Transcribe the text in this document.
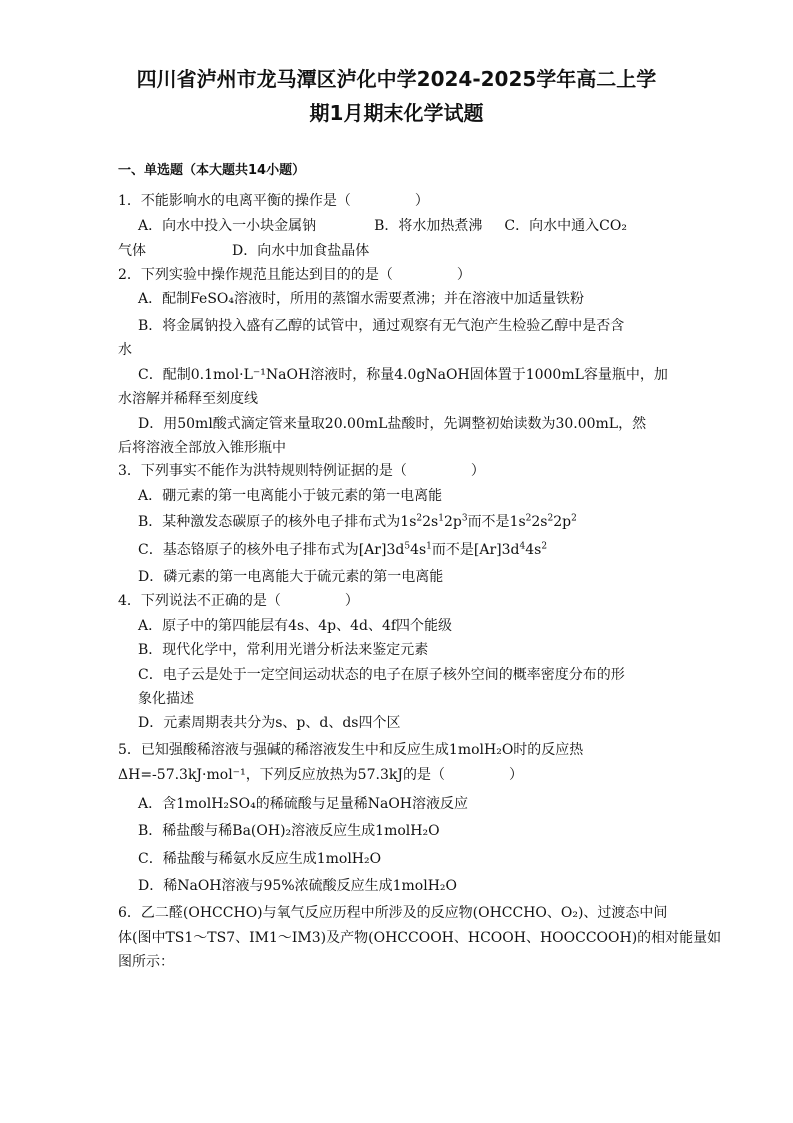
四川省泸州市龙马潭区泸化中学2024-2025学年高二上学
期1月期末化学试题
一、单选题（本大题共14小题）
1．不能影响水的电离平衡的操作是（	）
A．向水中投入一小块金属钠	B．将水加热煮沸 C．向水中通入CO₂
气体	D．向水中加食盐晶体
2．下列实验中操作规范且能达到目的的是（	）
A．配制FeSO₄溶液时，所用的蒸馏水需要煮沸；并在溶液中加适量铁粉
B．将金属钠投入盛有乙醇的试管中，通过观察有无气泡产生检验乙醇中是否含
水
C．配制0.1mol·L⁻¹NaOH溶液时，称量4.0gNaOH固体置于1000mL容量瓶中，加
水溶解并稀释至刻度线
D．用50ml酸式滴定管来量取20.00mL盐酸时，先调整初始读数为30.00mL，然
后将溶液全部放入锥形瓶中
3．下列事实不能作为洪特规则特例证据的是（	）
A．硼元素的第一电离能小于铍元素的第一电离能
B．某种激发态碳原子的核外电子排布式为$1s^22s^12p^3$而不是$1s^22s^22p^2$
C．基态铬原子的核外电子排布式为$[Ar]3d^54s^1$而不是$[Ar]3d^44s^2$
D．磷元素的第一电离能大于硫元素的第一电离能
4．下列说法不正确的是（	）
A．原子中的第四能层有4s、4p、4d、4f四个能级
B．现代化学中，常利用光谱分析法来鉴定元素
C．电子云是处于一定空间运动状态的电子在原子核外空间的概率密度分布的形
象化描述
D．元素周期表共分为s、p、d、ds四个区
5．已知强酸稀溶液与强碱的稀溶液发生中和反应生成1molH₂O时的反应热
ΔH=-57.3kJ·mol⁻¹，下列反应放热为57.3kJ的是（	）
A．含1molH₂SO₄的稀硫酸与足量稀NaOH溶液反应
B．稀盐酸与稀Ba(OH)₂溶液反应生成1molH₂O
C．稀盐酸与稀氨水反应生成1molH₂O
D．稀NaOH溶液与95%浓硫酸反应生成1molH₂O
6．乙二醛(OHCCHO)与氧气反应历程中所涉及的反应物(OHCCHO、O₂)、过渡态中间
体(图中TS1～TS7、IM1～IM3)及产物(OHCCOOH、HCOOH、HOOCCOOH)的相对能量如
图所示：
